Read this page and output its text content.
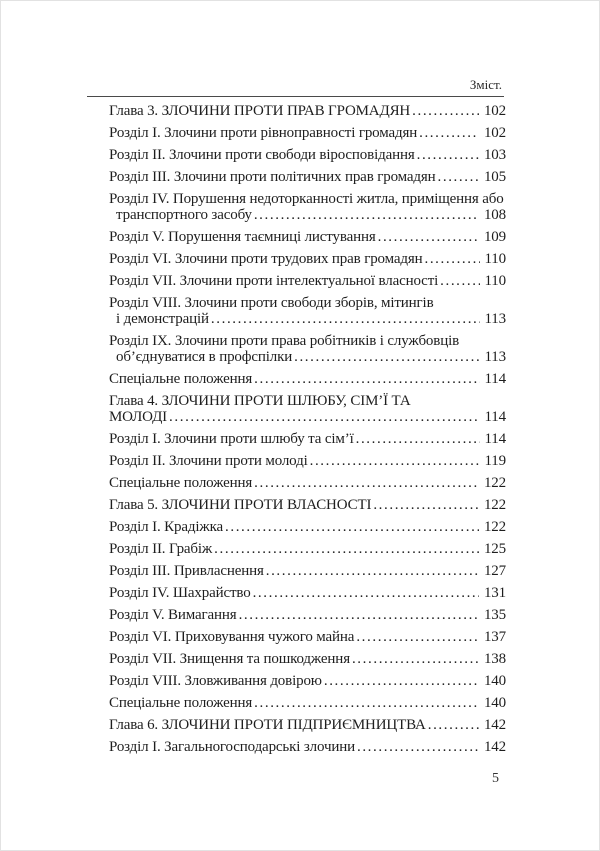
Зміст.
Глава 3. ЗЛОЧИНИ ПРОТИ ПРАВ ГРОМАДЯН .....	102
Розділ I. Злочини проти рівноправності громадян .....	102
Розділ II. Злочини проти свободи віросповідання .....	103
Розділ III. Злочини проти політичних прав громадян .....	105
Розділ IV. Порушення недоторканності житла, приміщення або
транспортного засобу .....	108
Розділ V. Порушення таємниці листування .....	109
Розділ VI. Злочини проти трудових прав громадян .....	110
Розділ VII. Злочини проти інтелектуальної власності .....	110
Розділ VIII. Злочини проти свободи зборів, мітингів
і демонстрацій .....	113
Розділ IX. Злочини проти права робітників і службовців
об’єднуватися в профспілки .....	113
Спеціальне положення .....	114
Глава 4. ЗЛОЧИНИ ПРОТИ ШЛЮБУ, СІМ’Ї ТА
МОЛОДІ .....	114
Розділ I. Злочини проти шлюбу та сім’ї .....	114
Розділ II. Злочини проти молоді .....	119
Спеціальне положення .....	122
Глава 5. ЗЛОЧИНИ ПРОТИ ВЛАСНОСТІ .....	122
Розділ I. Крадіжка .....	122
Розділ II. Грабіж .....	125
Розділ III. Привласнення .....	127
Розділ IV. Шахрайство .....	131
Розділ V. Вимагання .....	135
Розділ VI. Приховування чужого майна .....	137
Розділ VII. Знищення та пошкодження .....	138
Розділ VIII. Зловживання довірою .....	140
Спеціальне положення .....	140
Глава 6. ЗЛОЧИНИ ПРОТИ ПІДПРИЄМНИЦТВА .....	142
Розділ I. Загальногосподарські злочини .....	142
5
